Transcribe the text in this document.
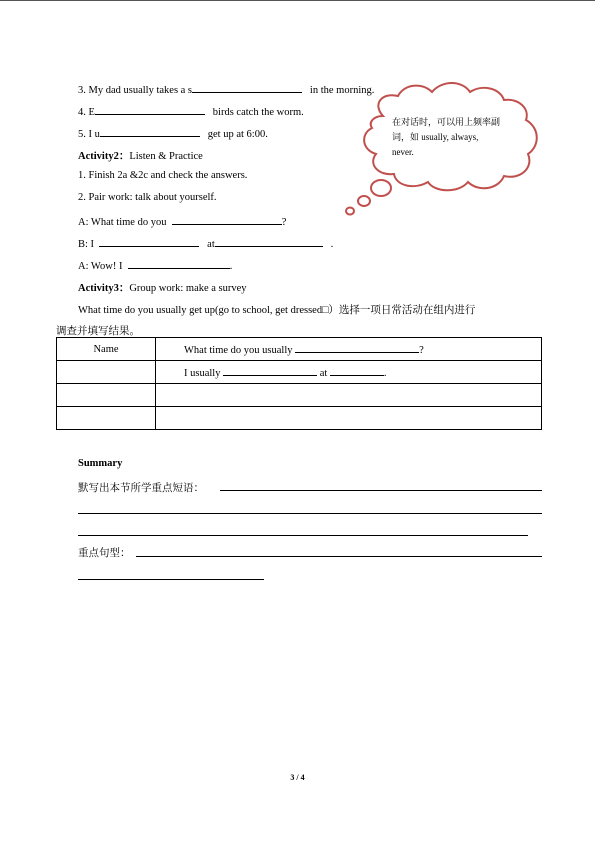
3. My dad usually takes a s	in the morning.
4. E	birds catch the worm.
5. I u	get up at 6:00.
Activity2：Listen & Practice
1. Finish 2a &2c and check the answers.
2. Pair work: talk about yourself.
A: What time do you	?
B: I	at	.
A: Wow! I	.
Activity3：Group work: make a survey
What time do you usually get up(go to school, get dressed□）选择一项日常活动在组内进行
调查并填写结果。
在对话时，可以用上频率副词，如 usually, always, never.
Name	What time do you usually ?
	I usually at .

Summary
默写出本节所学重点短语：
重点句型：
3 / 4
